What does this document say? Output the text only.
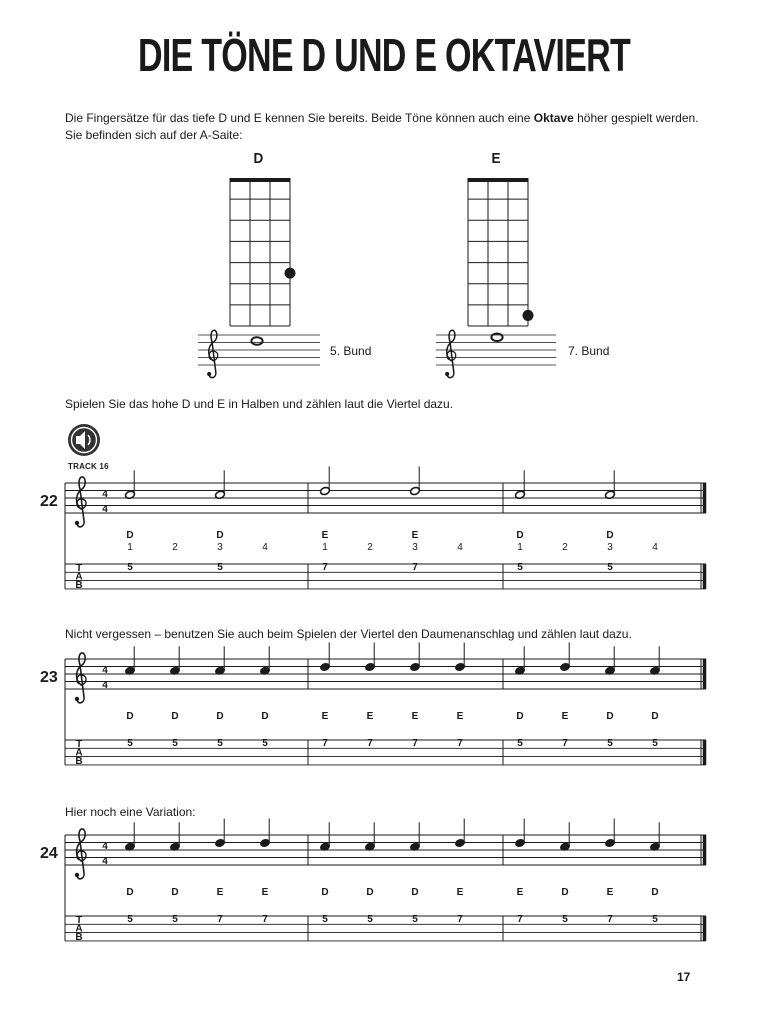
DIE TÖNE D UND E OKTAVIERT
Die Fingersätze für das tiefe D und E kennen Sie bereits. Beide Töne können auch eine Oktave höher gespielt werden. Sie befinden sich auf der A-Saite:
D	E
5. Bund	7. Bund
Spielen Sie das hohe D und E in Halben und zählen laut die Viertel dazu.
TRACK 16
Nicht vergessen – benutzen Sie auch beim Spielen der Viertel den Daumenanschlag und zählen laut dazu.
Hier noch eine Variation:
22
23
24
17
4
4
T
A
B
D
5
D
5
1	2	3	4
E
7
E
7
1	2	3	4
D
5
D
5
1	2	3	4
4
4
T
A
B
D
5
D
5
D
5
D
5
E
7
E
7
E
7
E
7
D
5
E
7
D
5
D
5
4
4
T
A
B
D
5
D
5
E
7
E
7
D
5
D
5
D
5
E
7
E
7
D
5
E
7
D
5
